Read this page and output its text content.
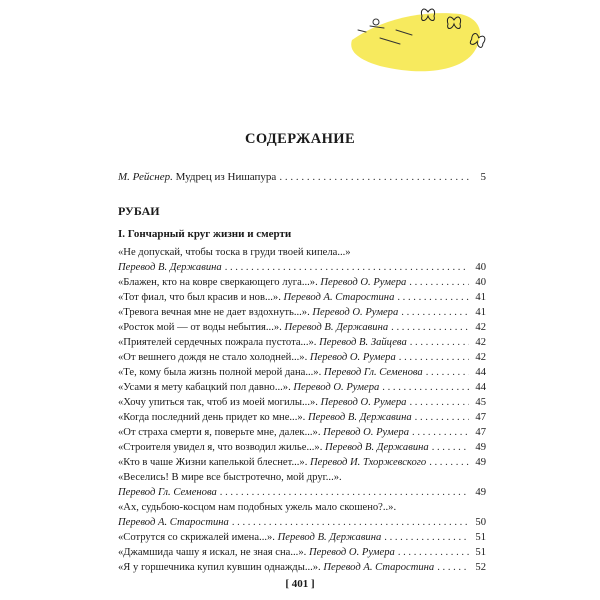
СОДЕРЖАНИЕ
М. Рейснер. Мудрец из Нишапура . . .	5
РУБАИ
I. Гончарный круг жизни и смерти
«Не допускай, чтобы тоска в груди твоей кипела...»
Перевод В. Державина . . .	40
«Блажен, кто на ковре сверкающего луга...». Перевод О. Румера . . .	40
«Тот фиал, что был красив и нов...». Перевод А. Старостина . . .	41
«Тревога вечная мне не дает вздохнуть...». Перевод О. Румера . . .	41
«Росток мой — от воды небытия...». Перевод В. Державина . . .	42
«Приятелей сердечных пожрала пустота...». Перевод В. Зайцева . . .	42
«От вешнего дождя не стало холодней...». Перевод О. Румера . . .	42
«Те, кому была жизнь полной мерой дана...». Перевод Гл. Семенова . . .	44
«Усами я мету кабацкий пол давно...». Перевод О. Румера . . .	44
«Хочу упиться так, чтоб из моей могилы...». Перевод О. Румера . . .	45
«Когда последний день придет ко мне...». Перевод В. Державина . . .	47
«От страха смерти я, поверьте мне, далек...». Перевод О. Румера . . .	47
«Строителя увидел я, что возводил жилье...». Перевод В. Державина . . .	49
«Кто в чаше Жизни капелькой блеснет...». Перевод И. Тхоржевского . . .	49
«Веселись! В мире все быстротечно, мой друг...».
Перевод Гл. Семенова . . .	49
«Ах, судьбою-косцом нам подобных ужель мало скошено?..».
Перевод А. Старостина . . .	50
«Сотрутся со скрижалей имена...». Перевод В. Державина . . .	51
«Джамшида чашу я искал, не зная сна...». Перевод О. Румера . . .	51
«Я у горшечника купил кувшин однажды...». Перевод А. Старостина . . .	52
[ 401 ]
